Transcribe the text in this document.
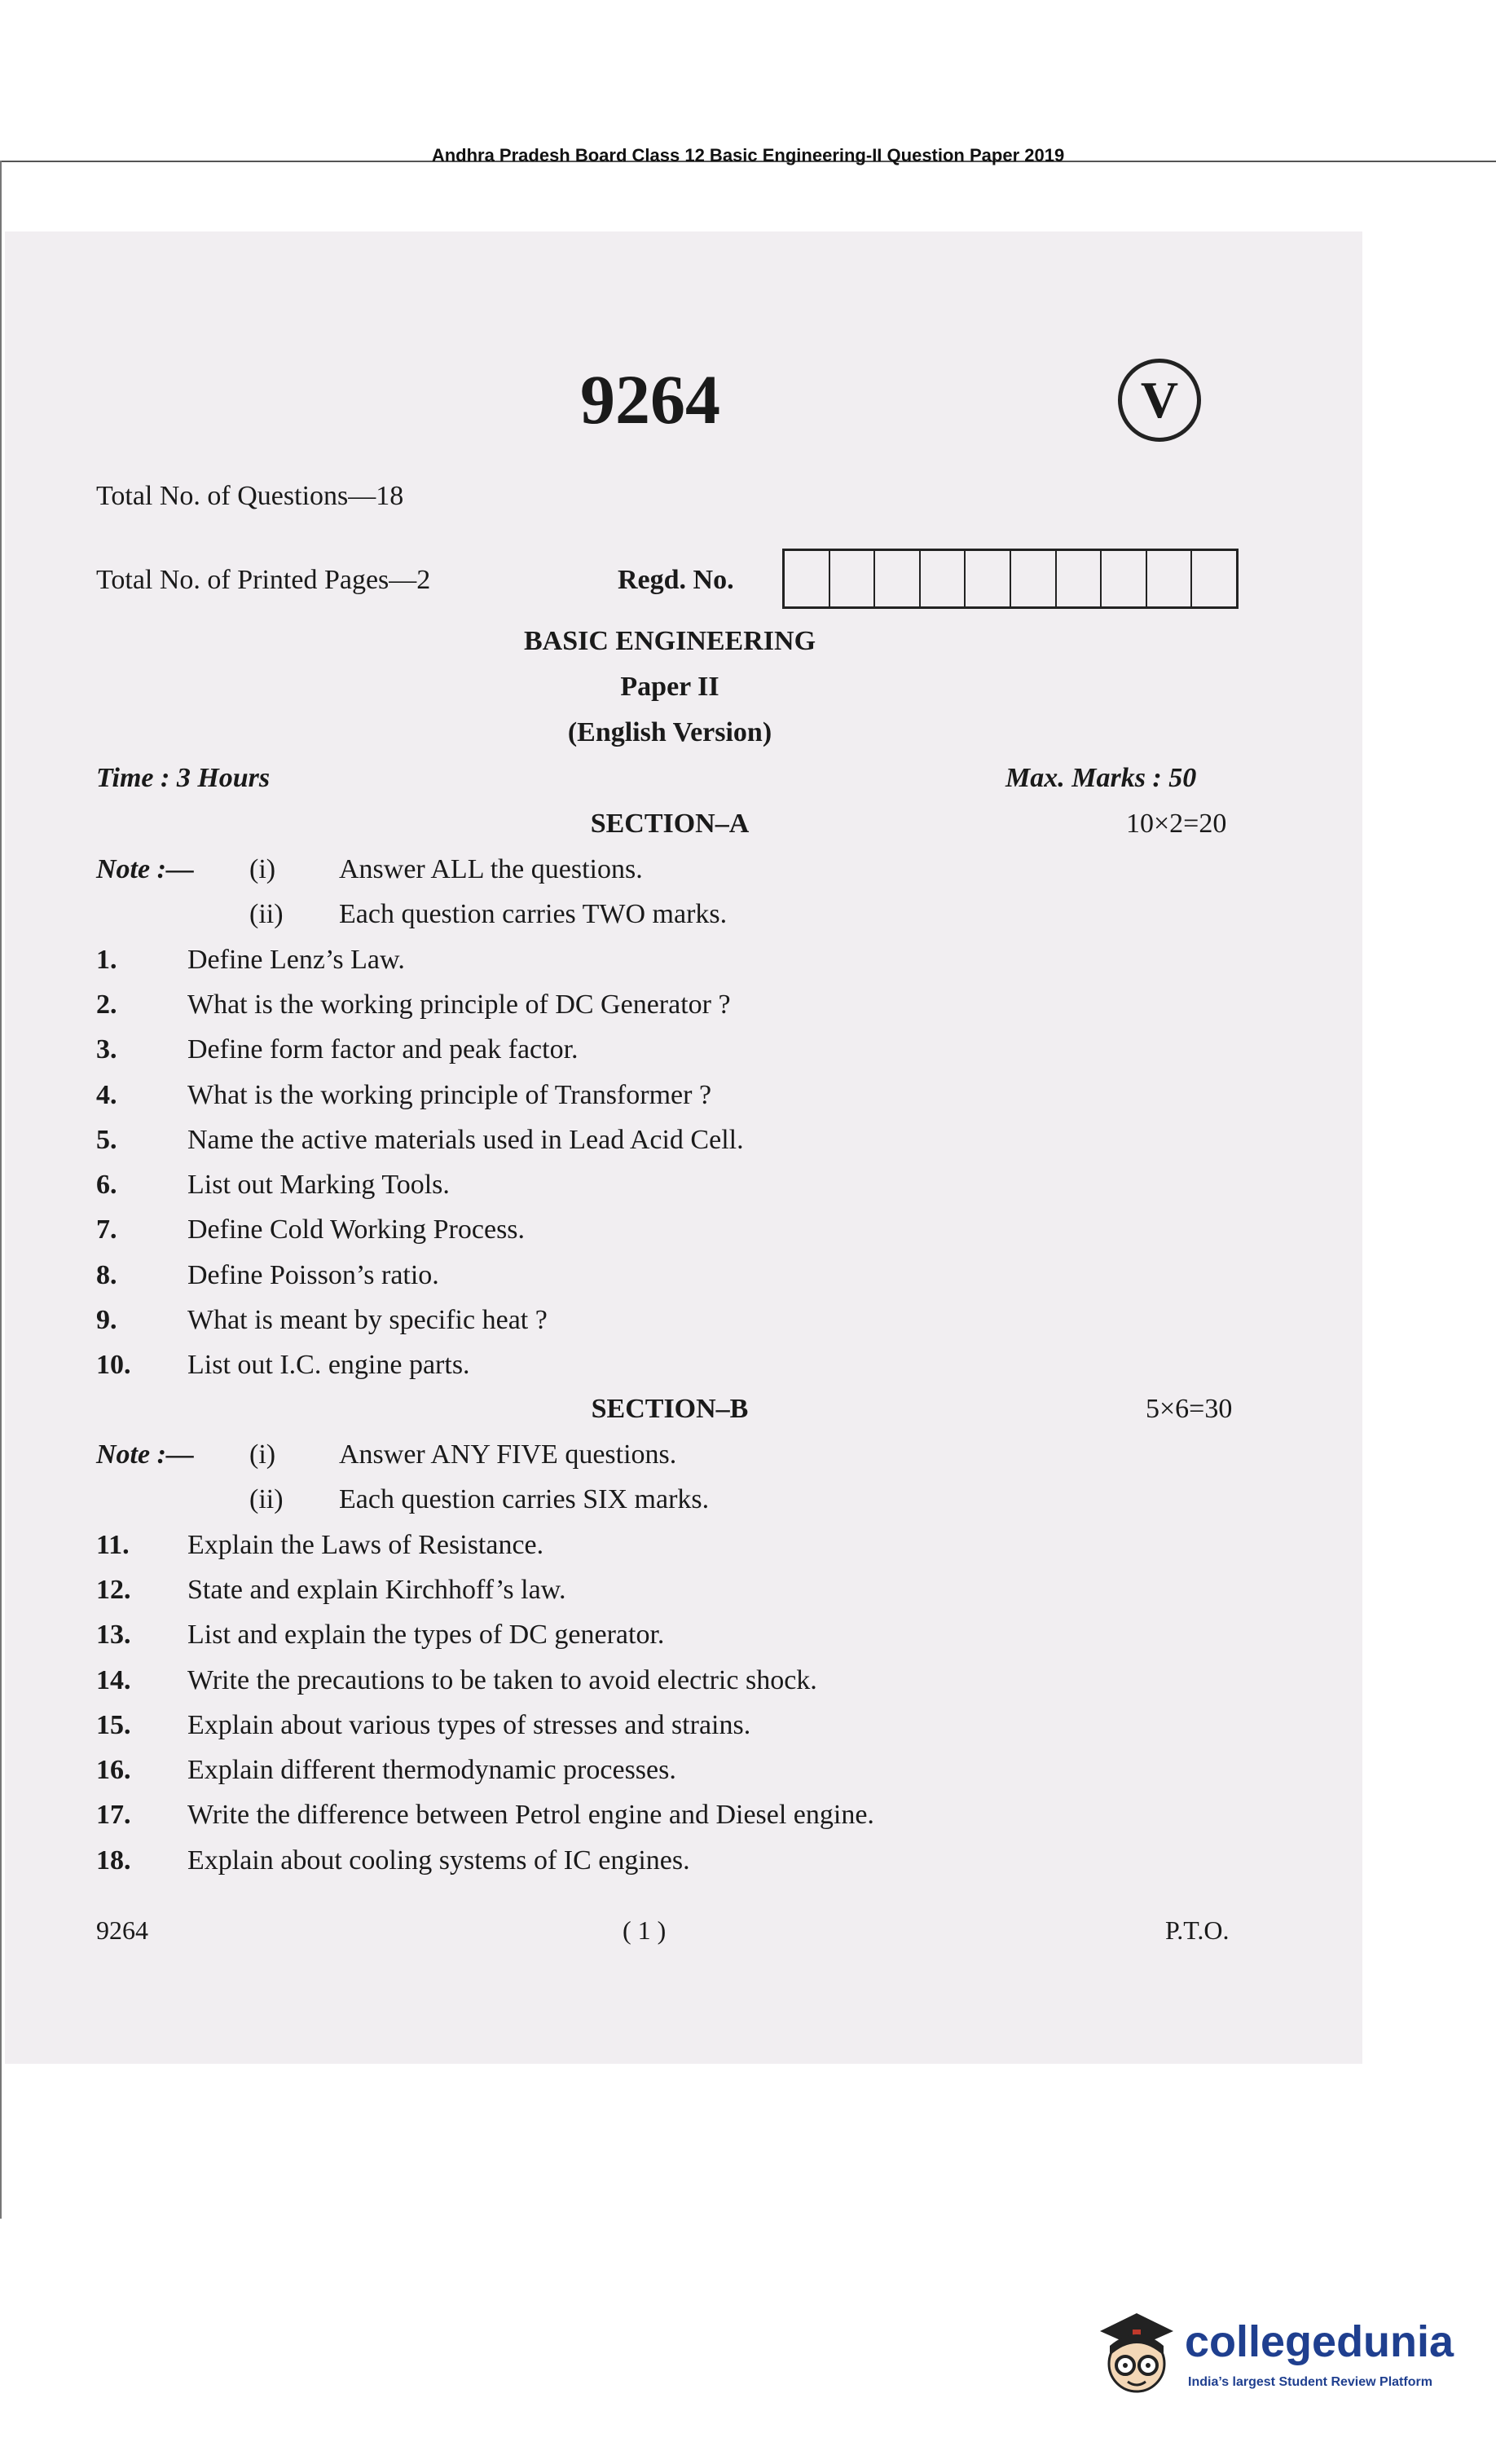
Andhra Pradesh Board Class 12 Basic Engineering-II Question Paper 2019
9264	V
Total No. of Questions—18
Total No. of Printed Pages—2	Regd. No.
BASIC ENGINEERING
Paper II
(English Version)
Time : 3 Hours	Max. Marks : 50
SECTION–A	10×2=20
Note :— (i) Answer ALL the questions.
(ii) Each question carries TWO marks.
1.	Define Lenz’s Law.
2.	What is the working principle of DC Generator ?
3.	Define form factor and peak factor.
4.	What is the working principle of Transformer ?
5.	Name the active materials used in Lead Acid Cell.
6.	List out Marking Tools.
7.	Define Cold Working Process.
8.	Define Poisson’s ratio.
9.	What is meant by specific heat ?
10. List out I.C. engine parts.
SECTION–B	5×6=30
Note :— (i) Answer ANY FIVE questions.
(ii) Each question carries SIX marks.
11. Explain the Laws of Resistance.
12. State and explain Kirchhoff’s law.
13. List and explain the types of DC generator.
14. Write the precautions to be taken to avoid electric shock.
15. Explain about various types of stresses and strains.
16. Explain different thermodynamic processes.
17. Write the difference between Petrol engine and Diesel engine.
18. Explain about cooling systems of IC engines.
9264	( 1 )	P.T.O.
collegedunia
India’s largest Student Review Platform
